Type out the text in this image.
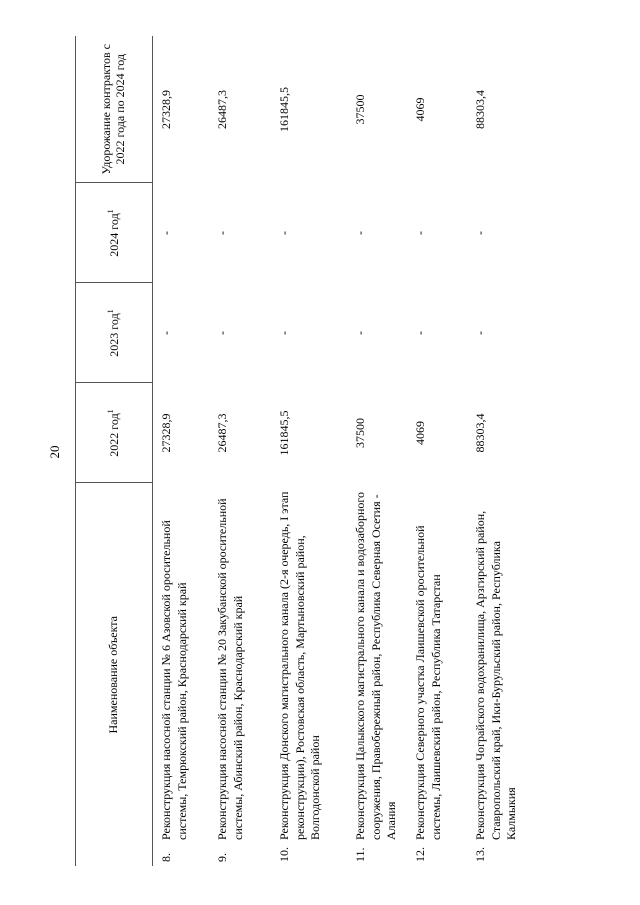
20
Наименование объекта	2022 год$^1$	2023 год$^1$	2024 год$^1$	Удорожание контрактов с 2022 года по 2024 год

8.
Реконструкция насосной станции № 6 Азовской оросительной системы, Темрюкский район, Краснодарский край	27328,9	-	-	27328,9

9.
Реконструкция насосной станции № 20 Закубанской оросительной системы, Абинский район, Краснодарский край	26487,3	-	-	26487,3

10.
Реконструкция Донского магистрального канала (2-я очередь, I этап реконструкции), Ростовская область, Мартыновский район, Волгодонской район	161845,5	-	-	161845,5

11.
Реконструкция Цалыкского магистрального канала и водозаборного сооружения, Правобережный район, Республика Северная Осетия - Алания	37500	-	-	37500

12.
Реконструкция Северного участка Лаишевской оросительной системы, Лаишевский район, Республика Татарстан	4069	-	-	4069

13.
Реконструкция Чограйского водохранилища, Арзгирский район, Ставропольский край, Ики-Бурульский район, Республика Калмыкия	88303,4	-	-	88303,4
